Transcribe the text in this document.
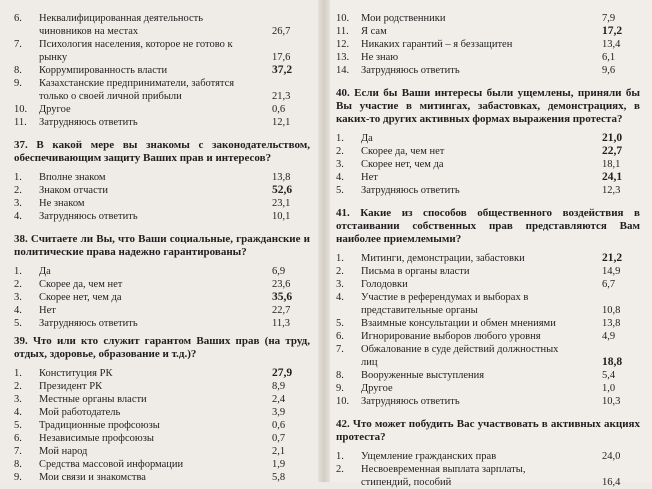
6.	Неквалифицированная деятельность чиновников на местах	26,7
7.	Психология населения, которое не готово к рынку	17,6
8.	Коррумпированность власти	37,2
9.	Казахстанские предприниматели, заботятся только о своей личной прибыли	21,3
10.	Другое	0,6
11.	Затрудняюсь ответить	12,1
37. В какой мере вы знакомы с законодательством, обеспечивающим защиту Ваших прав и интересов?
1.	Вполне знаком	13,8
2.	Знаком отчасти	52,6
3.	Не знаком	23,1
4.	Затрудняюсь ответить	10,1
38. Считаете ли Вы, что Ваши социальные, гражданские и политические права надежно гарантированы?
1.	Да	6,9
2.	Скорее да, чем нет	23,6
3.	Скорее нет, чем да	35,6
4.	Нет	22,7
5.	Затрудняюсь ответить	11,3
39. Что или кто служит гарантом Ваших прав (на труд, отдых, здоровье, образование и т.д.)?
1.	Конституция РК	27,9
2.	Президент РК	8,9
3.	Местные органы власти	2,4
4.	Мой работодатель	3,9
5.	Традиционные профсоюзы	0,6
6.	Независимые профсоюзы	0,7
7.	Мой народ	2,1
8.	Средства массовой информации	1,9
9.	Мои связи и знакомства	5,8
10.	Мои родственники	7,9
11.	Я сам	17,2
12.	Никаких гарантий – я беззащитен	13,4
13.	Не знаю	6,1
14.	Затрудняюсь ответить	9,6
40. Если бы Ваши интересы были ущемлены, приняли бы Вы участие в митингах, забастовках, демонстрациях, в каких-то других активных формах выражения протеста?
1.	Да	21,0
2.	Скорее да, чем нет	22,7
3.	Скорее нет, чем да	18,1
4.	Нет	24,1
5.	Затрудняюсь ответить	12,3
41. Какие из способов общественного воздействия в отстаивании собственных прав представляются Вам наиболее приемлемыми?
1.	Митинги, демонстрации, забастовки	21,2
2.	Письма в органы власти	14,9
3.	Голодовки	6,7
4.	Участие в референдумах и выборах в представительные органы	10,8
5.	Взаимные консультации и обмен мнениями	13,8
6.	Игнорирование выборов любого уровня	4,9
7.	Обжалование в суде действий должностных лиц	18,8
8.	Вооруженные выступления	5,4
9.	Другое	1,0
10.	Затрудняюсь ответить	10,3
42. Что может побудить Вас участвовать в активных акциях протеста?
1.	Ущемление гражданских прав	24,0
2.	Несвоевременная выплата зарплаты, стипендий, пособий	16,4
